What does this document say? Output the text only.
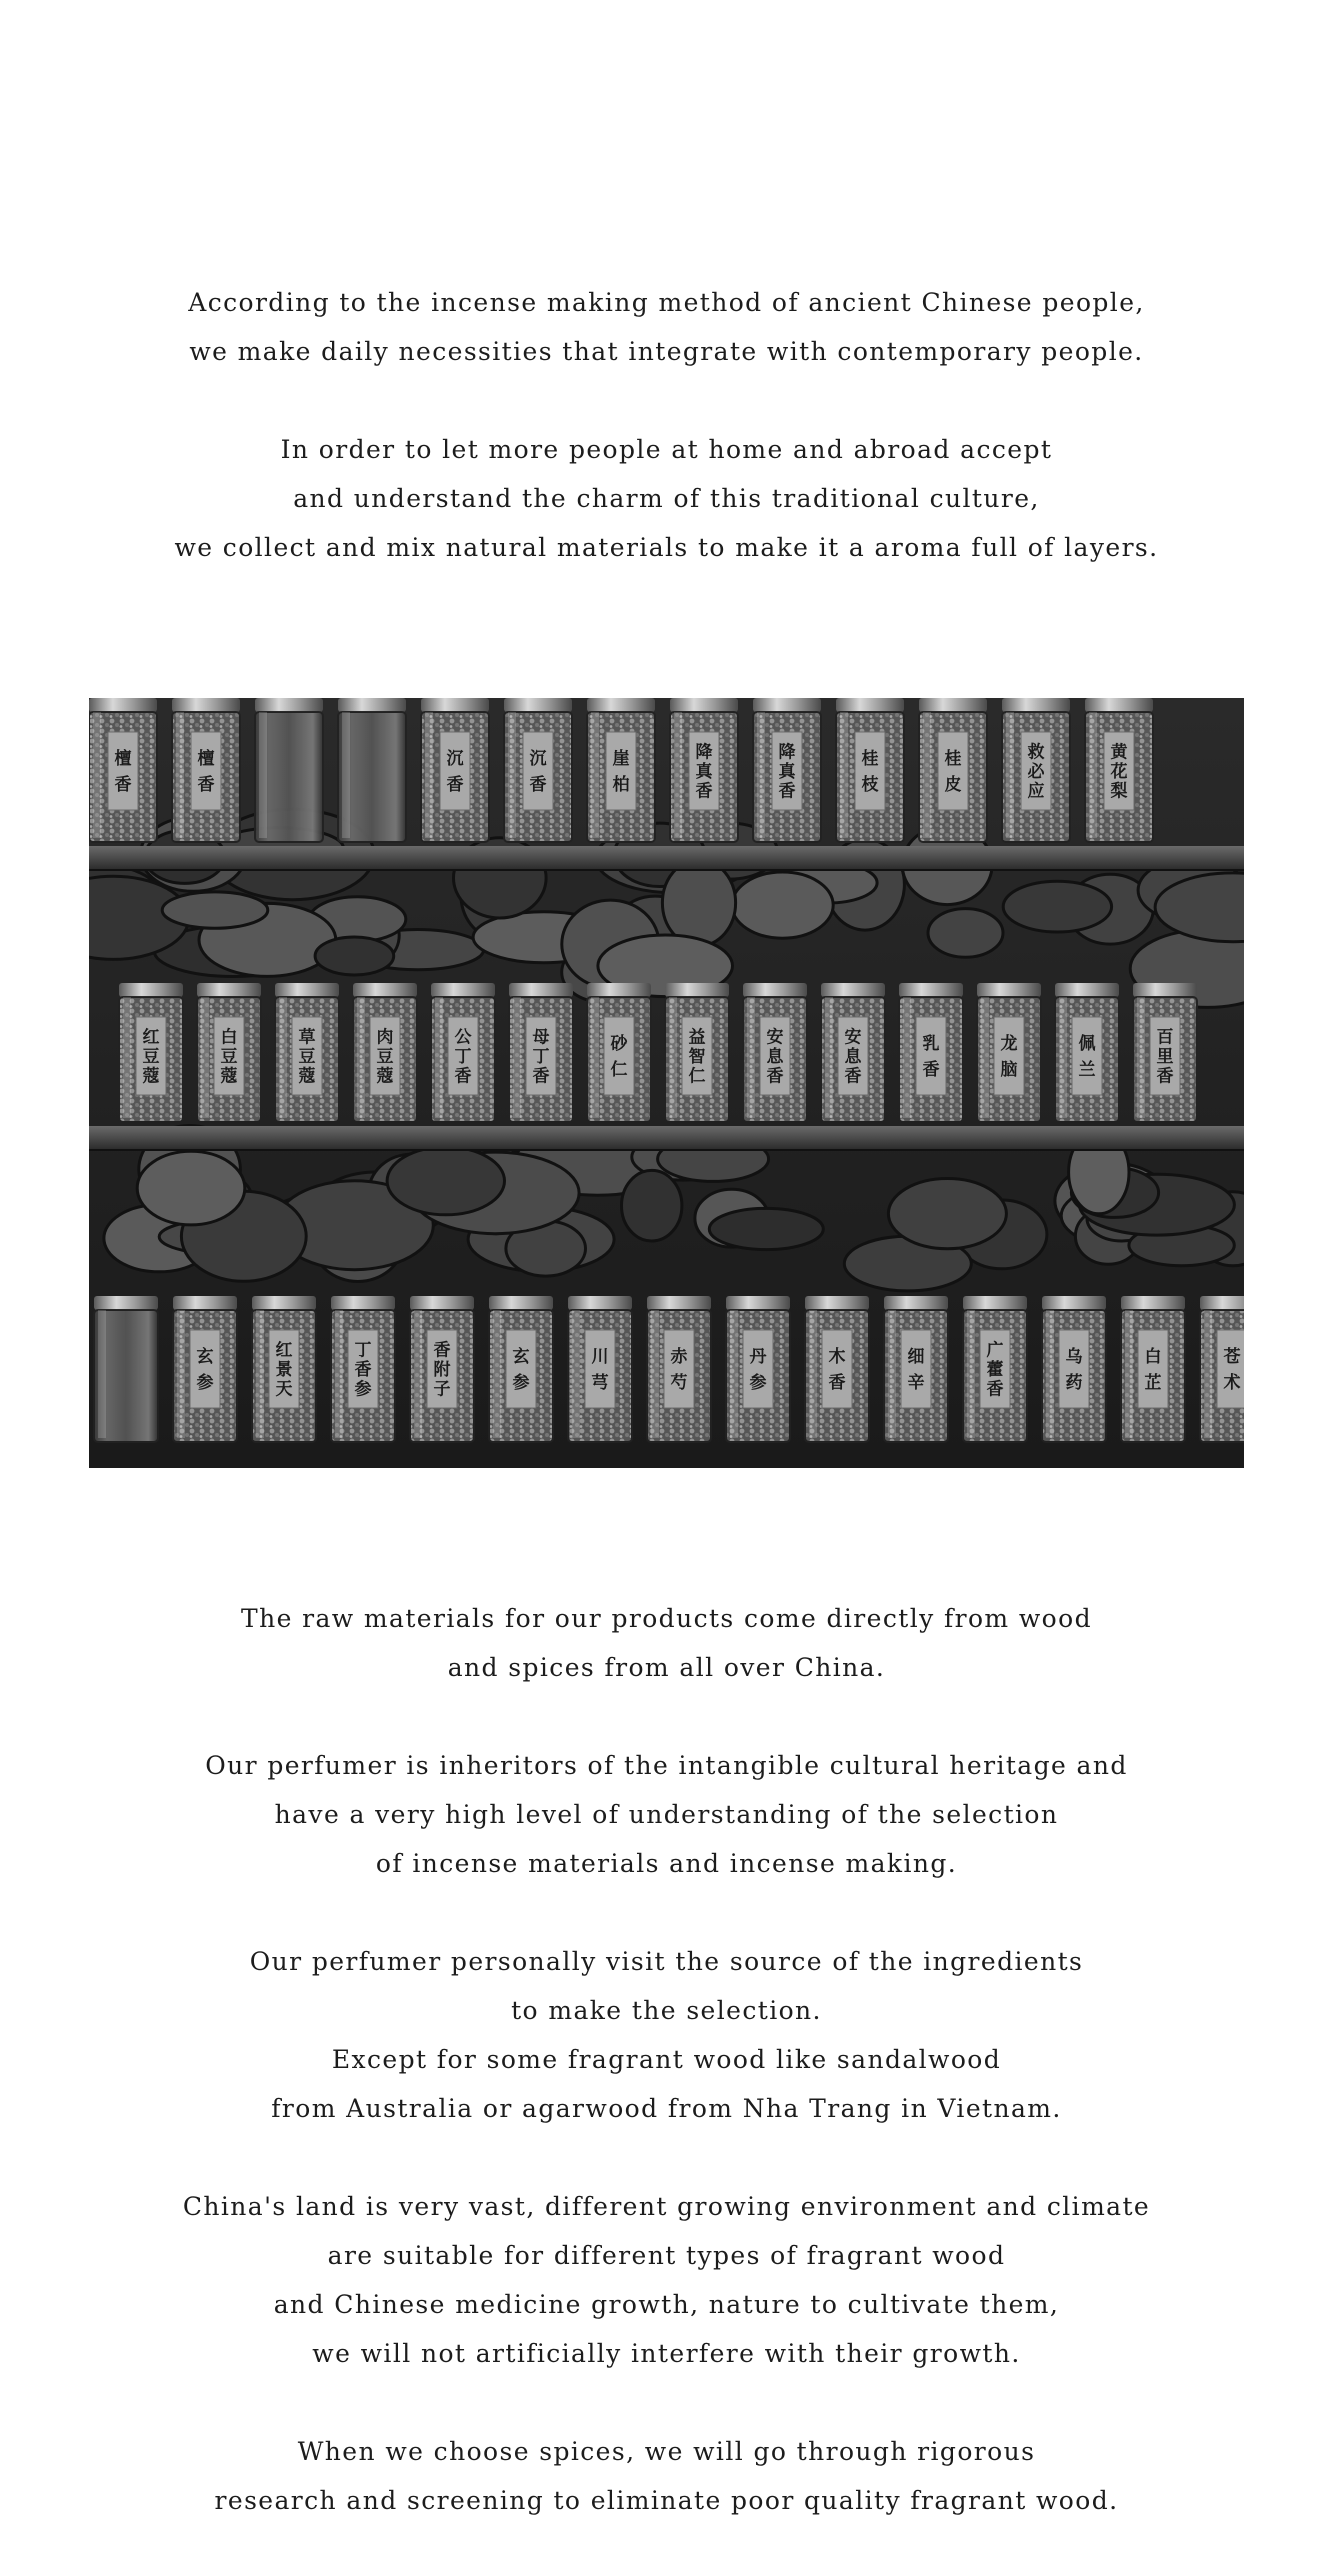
According to the incense making method of ancient Chinese people,
we make daily necessities that integrate with contemporary people.

In order to let more people at home and abroad accept
and understand the charm of this traditional culture,
we collect and mix natural materials to make it a aroma full of layers.

檀
香
檀
香
沉
香
沉
香
崖
柏
降
真
香
降
真
香
桂
枝
桂
皮
救
必
应
黄
花
梨
红
豆
蔻
白
豆
蔻
草
豆
蔻
肉
豆
蔻
公
丁
香
母
丁
香
砂
仁
益
智
仁
安
息
香
安
息
香
乳
香
龙
脑
佩
兰
百
里
香
玄
参
红
景
天
丁
香
参
香
附
子
玄
参
川
芎
赤
芍
丹
参
木
香
细
辛
广
藿
香
乌
药
白
芷
苍
术

The raw materials for our products come directly from wood
and spices from all over China.

Our perfumer is inheritors of the intangible cultural heritage and
have a very high level of understanding of the selection
of incense materials and incense making.

Our perfumer personally visit the source of the ingredients
to make the selection.
Except for some fragrant wood like sandalwood
from Australia or agarwood from Nha Trang in Vietnam.

China's land is very vast, different growing environment and climate
are suitable for different types of fragrant wood
and Chinese medicine growth, nature to cultivate them,
we will not artificially interfere with their growth.

When we choose spices, we will go through rigorous
research and screening to eliminate poor quality fragrant wood.
